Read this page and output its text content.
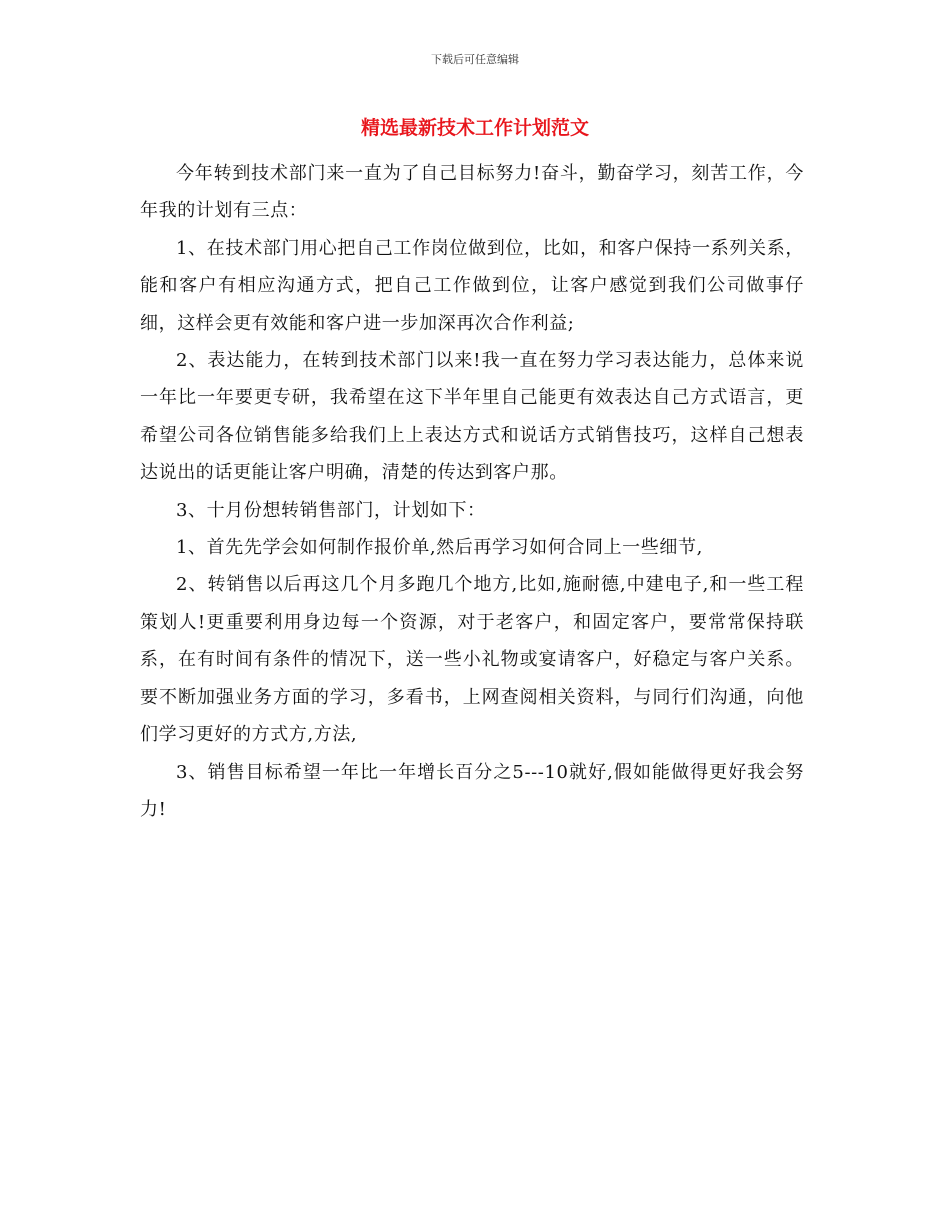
下载后可任意编辑
精选最新技术工作计划范文

今年转到技术部门来一直为了自己目标努力!奋斗，勤奋学习，刻苦工作，今年我的计划有三点：

1、在技术部门用心把自己工作岗位做到位，比如，和客户保持一系列关系，能和客户有相应沟通方式，把自己工作做到位，让客户感觉到我们公司做事仔细，这样会更有效能和客户进一步加深再次合作利益;

2、表达能力，在转到技术部门以来!我一直在努力学习表达能力，总体来说一年比一年要更专研，我希望在这下半年里自己能更有效表达自己方式语言，更希望公司各位销售能多给我们上上表达方式和说话方式销售技巧，这样自己想表达说出的话更能让客户明确，清楚的传达到客户那。

3、十月份想转销售部门，计划如下：

1、首先先学会如何制作报价单,然后再学习如何合同上一些细节,

2、转销售以后再这几个月多跑几个地方,比如,施耐德,中建电子,和一些工程策划人!更重要利用身边每一个资源，对于老客户，和固定客户，要常常保持联系，在有时间有条件的情况下，送一些小礼物或宴请客户，好稳定与客户关系。要不断加强业务方面的学习，多看书，上网查阅相关资料，与同行们沟通，向他们学习更好的方式方,方法,

3、销售目标希望一年比一年增长百分之5---10就好,假如能做得更好我会努力!
